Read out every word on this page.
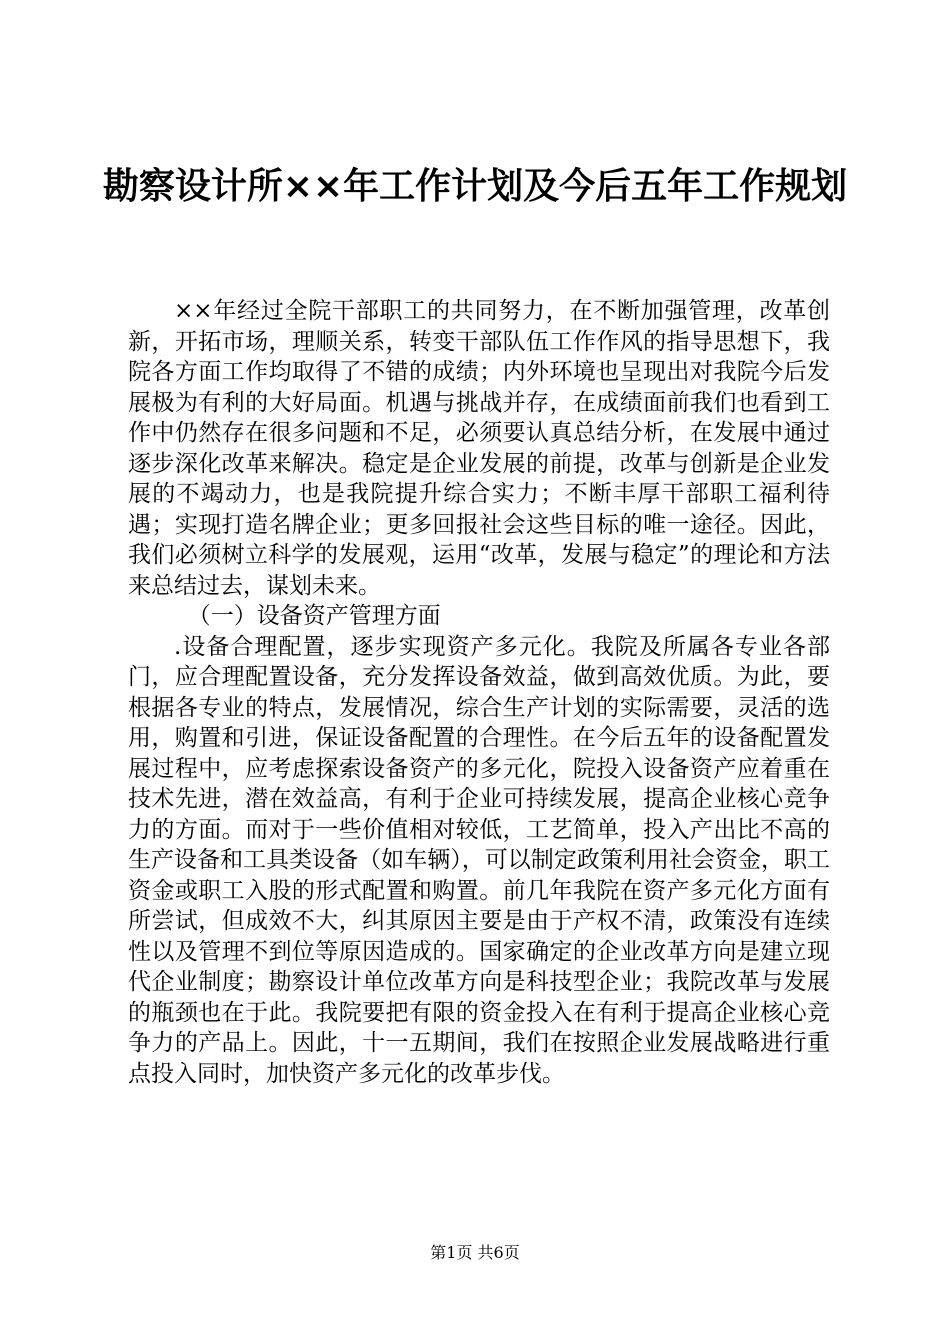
勘察设计所××年工作计划及今后五年工作规划

××年经过全院干部职工的共同努力，在不断加强管理，改革创新，开拓市场，理顺关系，转变干部队伍工作作风的指导思想下，我院各方面工作均取得了不错的成绩；内外环境也呈现出对我院今后发展极为有利的大好局面。机遇与挑战并存，在成绩面前我们也看到工作中仍然存在很多问题和不足，必须要认真总结分析，在发展中通过逐步深化改革来解决。稳定是企业发展的前提，改革与创新是企业发展的不竭动力，也是我院提升综合实力；不断丰厚干部职工福利待遇；实现打造名牌企业；更多回报社会这些目标的唯一途径。因此，我们必须树立科学的发展观，运用“改革，发展与稳定”的理论和方法来总结过去，谋划未来。

（一）设备资产管理方面

.设备合理配置，逐步实现资产多元化。我院及所属各专业各部门，应合理配置设备，充分发挥设备效益，做到高效优质。为此，要根据各专业的特点，发展情况，综合生产计划的实际需要，灵活的选用，购置和引进，保证设备配置的合理性。在今后五年的设备配置发展过程中，应考虑探索设备资产的多元化，院投入设备资产应着重在技术先进，潜在效益高，有利于企业可持续发展，提高企业核心竞争力的方面。而对于一些价值相对较低，工艺简单，投入产出比不高的生产设备和工具类设备（如车辆），可以制定政策利用社会资金，职工资金或职工入股的形式配置和购置。前几年我院在资产多元化方面有所尝试，但成效不大，纠其原因主要是由于产权不清，政策没有连续性以及管理不到位等原因造成的。国家确定的企业改革方向是建立现代企业制度；勘察设计单位改革方向是科技型企业；我院改革与发展的瓶颈也在于此。我院要把有限的资金投入在有利于提高企业核心竞争力的产品上。因此，十一五期间，我们在按照企业发展战略进行重点投入同时，加快资产多元化的改革步伐。

第1页 共6页
